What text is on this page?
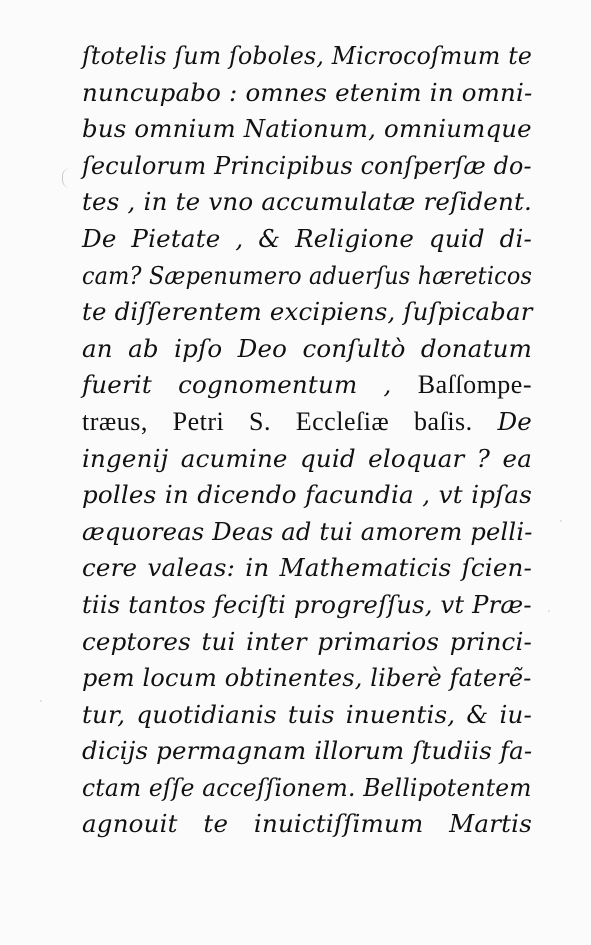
ſtotelis ſum ſoboles, Microcoſmum te
nuncupabo : omnes etenim in omni-
bus omnium Nationum, omniumque
ſeculorum Principibus conſperſæ do-
tes , in te vno accumulatæ reſident.
De Pietate , & Religione quid di-
cam? Sæpenumero aduerſus hæreticos
te diſſerentem excipiens, ſuſpicabar
an ab ipſo Deo conſultò donatum
fuerit cognomentum , Baſſompe-
træus, Petri S. Eccleſiæ baſis. De
ingenij acumine quid eloquar ? ea
polles in dicendo facundia , vt ipſas
æquoreas Deas ad tui amorem pelli-
cere valeas: in Mathematicis ſcien-
tiis tantos feciſti progreſſus, vt Præ-
ceptores tui inter primarios princi-
pem locum obtinentes, liberè faterẽ-
tur, quotidianis tuis inuentis, & iu-
dicijs permagnam illorum ſtudiis fa-
ctam eſſe acceſſionem. Bellipotentem
agnouit te inuictiſſimum Martis
